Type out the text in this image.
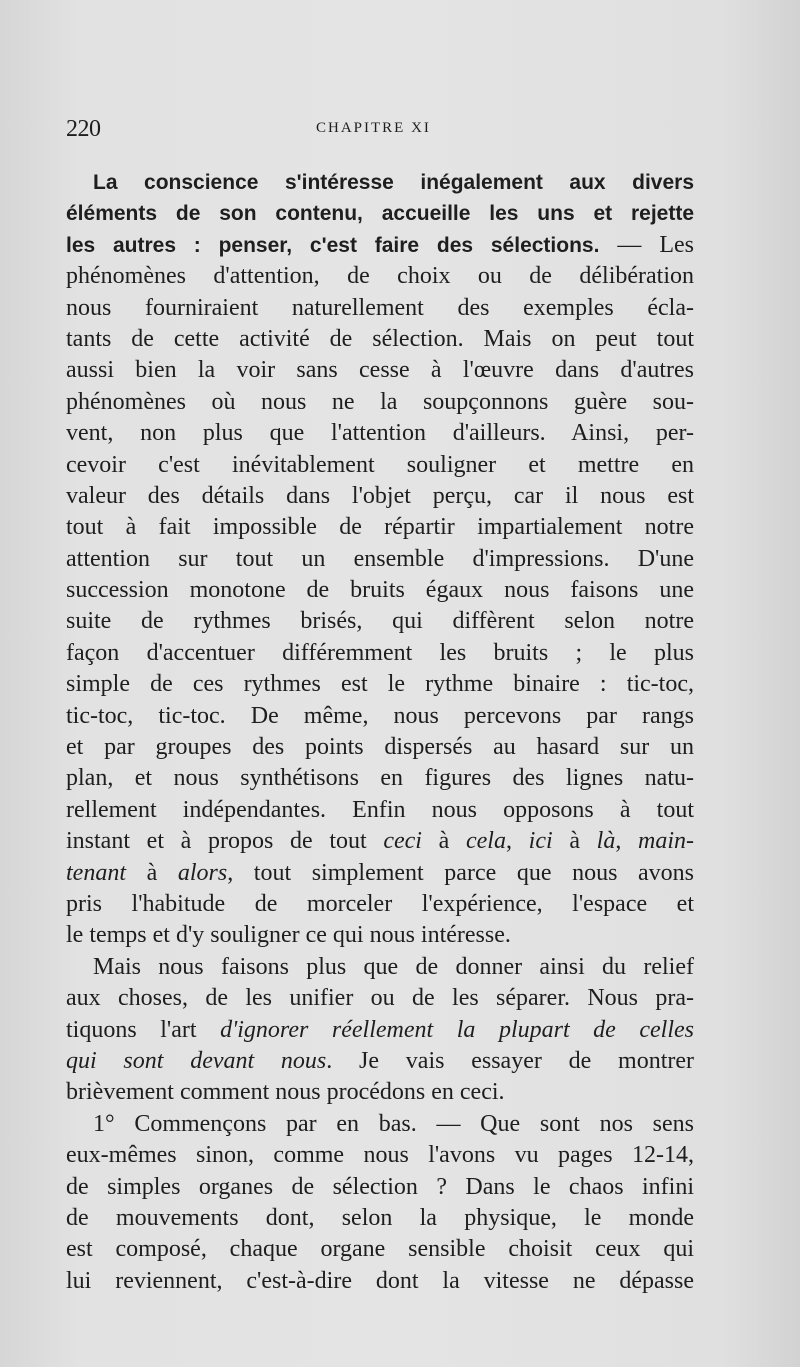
220	CHAPITRE XI
La conscience s'intéresse inégalement aux divers
éléments de son contenu, accueille les uns et rejette
les autres : penser, c'est faire des sélections. — Les
phénomènes d'attention, de choix ou de délibération
nous fourniraient naturellement des exemples écla-
tants de cette activité de sélection. Mais on peut tout
aussi bien la voir sans cesse à l'œuvre dans d'autres
phénomènes où nous ne la soupçonnons guère sou-
vent, non plus que l'attention d'ailleurs. Ainsi, per-
cevoir c'est inévitablement souligner et mettre en
valeur des détails dans l'objet perçu, car il nous est
tout à fait impossible de répartir impartialement notre
attention sur tout un ensemble d'impressions. D'une
succession monotone de bruits égaux nous faisons une
suite de rythmes brisés, qui diffèrent selon notre
façon d'accentuer différemment les bruits ; le plus
simple de ces rythmes est le rythme binaire : tic-toc,
tic-toc, tic-toc. De même, nous percevons par rangs
et par groupes des points dispersés au hasard sur un
plan, et nous synthétisons en figures des lignes natu-
rellement indépendantes. Enfin nous opposons à tout
instant et à propos de tout ceci à cela, ici à là, main-
tenant à alors, tout simplement parce que nous avons
pris l'habitude de morceler l'expérience, l'espace et
le temps et d'y souligner ce qui nous intéresse.
Mais nous faisons plus que de donner ainsi du relief
aux choses, de les unifier ou de les séparer. Nous pra-
tiquons l'art d'ignorer réellement la plupart de celles
qui sont devant nous. Je vais essayer de montrer
brièvement comment nous procédons en ceci.
1° Commençons par en bas. — Que sont nos sens
eux-mêmes sinon, comme nous l'avons vu pages 12-14,
de simples organes de sélection ? Dans le chaos infini
de mouvements dont, selon la physique, le monde
est composé, chaque organe sensible choisit ceux qui
lui reviennent, c'est-à-dire dont la vitesse ne dépasse
